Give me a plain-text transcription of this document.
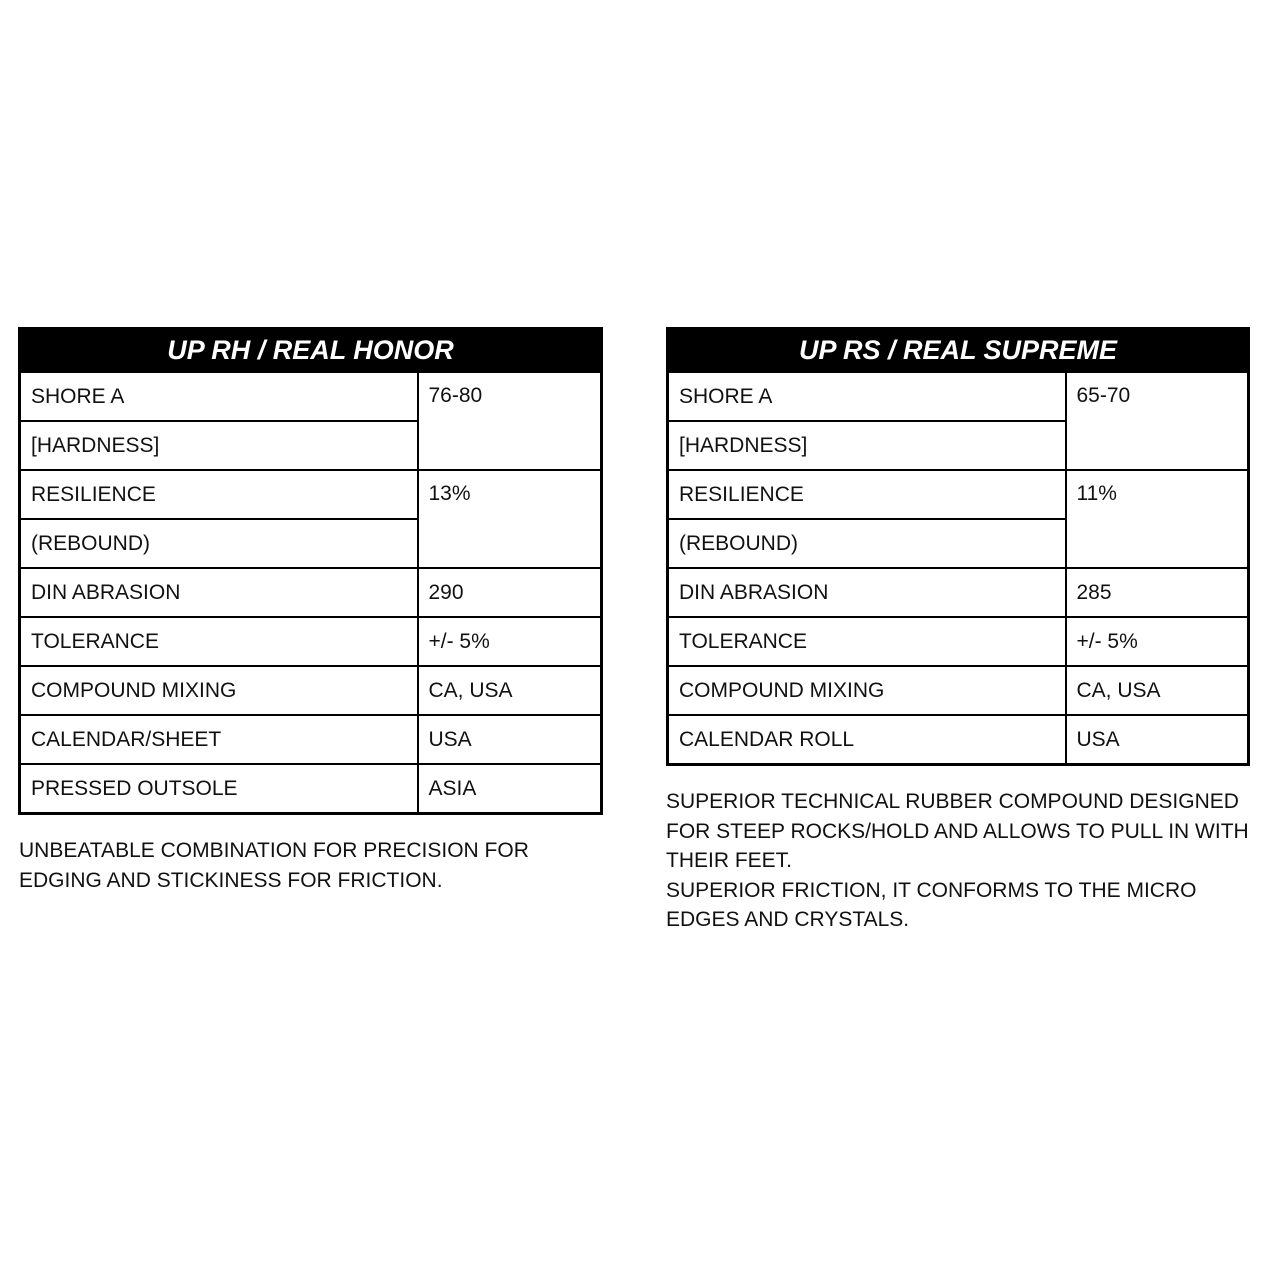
UP RH / REAL HONOR	
SHORE A	76-80
[HARDNESS]	
RESILIENCE	13%
(REBOUND)	
DIN ABRASION	290
TOLERANCE	+/- 5%
COMPOUND MIXING	CA, USA
CALENDAR/SHEET	USA
PRESSED OUTSOLE	ASIA

UNBEATABLE COMBINATION FOR PRECISION FOR EDGING AND STICKINESS FOR FRICTION.

UP RS / REAL SUPREME	
SHORE A	65-70
[HARDNESS]	
RESILIENCE	11%
(REBOUND)	
DIN ABRASION	285
TOLERANCE	+/- 5%
COMPOUND MIXING	CA, USA
CALENDAR ROLL	USA

SUPERIOR TECHNICAL RUBBER COMPOUND DESIGNED FOR STEEP ROCKS/HOLD AND ALLOWS TO PULL IN WITH THEIR FEET.

SUPERIOR FRICTION, IT CONFORMS TO THE MICRO EDGES AND CRYSTALS.
